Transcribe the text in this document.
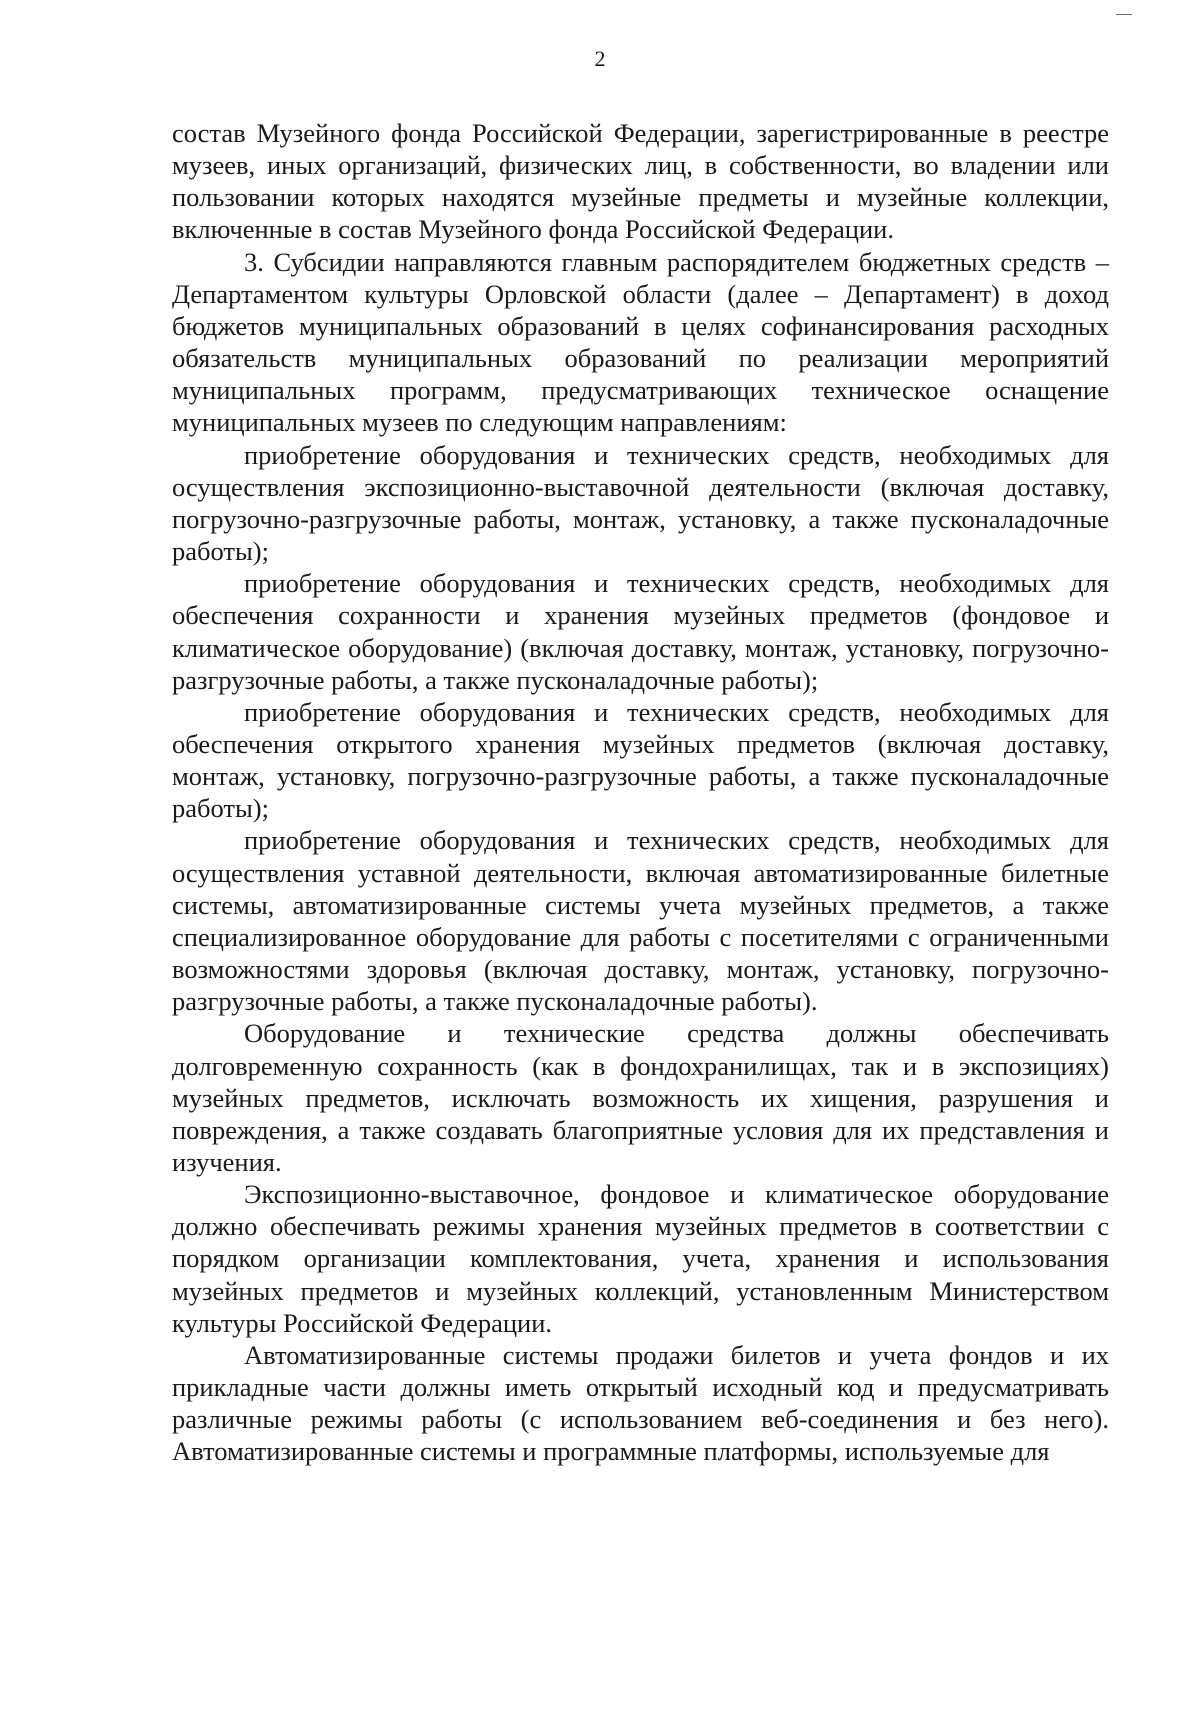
2

состав Музейного фонда Российской Федерации, зарегистрированные в реестре музеев, иных организаций, физических лиц, в собственности, во владении или пользовании которых находятся музейные предметы и музейные коллекции, включенные в состав Музейного фонда Российской Федерации.

3. Субсидии направляются главным распорядителем бюджетных средств – Департаментом культуры Орловской области (далее – Департамент) в доход бюджетов муниципальных образований в целях софинансирования расходных обязательств муниципальных образований по реализации мероприятий муниципальных программ, предусматривающих техническое оснащение муниципальных музеев по следующим направлениям:

приобретение оборудования и технических средств, необходимых для осуществления экспозиционно-выставочной деятельности (включая доставку, погрузочно-разгрузочные работы, монтаж, установку, а также пусконаладочные работы);

приобретение оборудования и технических средств, необходимых для обеспечения сохранности и хранения музейных предметов (фондовое и климатическое оборудование) (включая доставку, монтаж, установку, погрузочно-разгрузочные работы, а также пусконаладочные работы);

приобретение оборудования и технических средств, необходимых для обеспечения открытого хранения музейных предметов (включая доставку, монтаж, установку, погрузочно-разгрузочные работы, а также пусконаладочные работы);

приобретение оборудования и технических средств, необходимых для осуществления уставной деятельности, включая автоматизированные билетные системы, автоматизированные системы учета музейных предметов, а также специализированное оборудование для работы с посетителями с ограниченными возможностями здоровья (включая доставку, монтаж, установку, погрузочно-разгрузочные работы, а также пусконаладочные работы).

Оборудование и технические средства должны обеспечивать долговременную сохранность (как в фондохранилищах, так и в экспозициях) музейных предметов, исключать возможность их хищения, разрушения и повреждения, а также создавать благоприятные условия для их представления и изучения.

Экспозиционно-выставочное, фондовое и климатическое оборудование должно обеспечивать режимы хранения музейных предметов в соответствии с порядком организации комплектования, учета, хранения и использования музейных предметов и музейных коллекций, установленным Министерством культуры Российской Федерации.

Автоматизированные системы продажи билетов и учета фондов и их прикладные части должны иметь открытый исходный код и предусматривать различные режимы работы (с использованием веб-соединения и без него). Автоматизированные системы и программные платформы, используемые для
